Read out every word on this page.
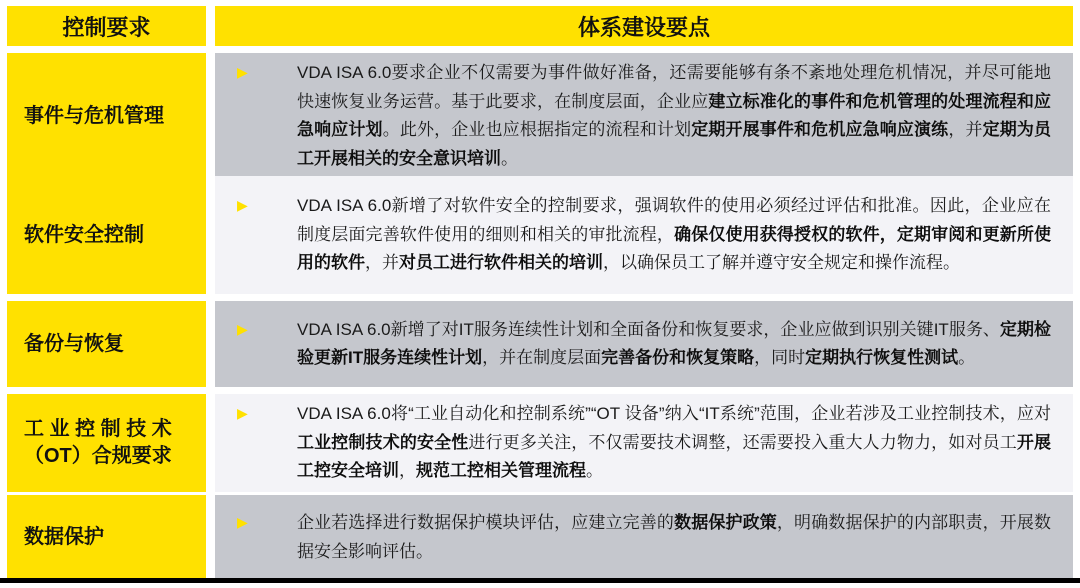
控制要求	体系建设要点
事件与危机管理
▶	VDA ISA 6.0要求企业不仅需要为事件做好准备，还需要能够有条不紊地处理危机情况，并尽可能地快速恢复业务运营。基于此要求，在制度层面，企业应建立标准化的事件和危机管理的处理流程和应急响应计划。此外，企业也应根据指定的流程和计划定期开展事件和危机应急响应演练，并定期为员工开展相关的安全意识培训。
软件安全控制
▶	VDA ISA 6.0新增了对软件安全的控制要求，强调软件的使用必须经过评估和批准。因此，企业应在制度层面完善软件使用的细则和相关的审批流程，确保仅使用获得授权的软件，定期审阅和更新所使用的软件，并对员工进行软件相关的培训，以确保员工了解并遵守安全规定和操作流程。
备份与恢复
▶	VDA ISA 6.0新增了对IT服务连续性计划和全面备份和恢复要求，企业应做到识别关键IT服务、定期检验更新IT服务连续性计划，并在制度层面完善备份和恢复策略，同时定期执行恢复性测试。
工 业 控 制 技 术
（OT）合规要求
▶	VDA ISA 6.0将“工业自动化和控制系统”“OT 设备”纳入“IT系统”范围，企业若涉及工业控制技术，应对工业控制技术的安全性进行更多关注，不仅需要技术调整，还需要投入重大人力物力，如对员工开展工控安全培训，规范工控相关管理流程。
数据保护
▶	企业若选择进行数据保护模块评估，应建立完善的数据保护政策，明确数据保护的内部职责，开展数据安全影响评估。
